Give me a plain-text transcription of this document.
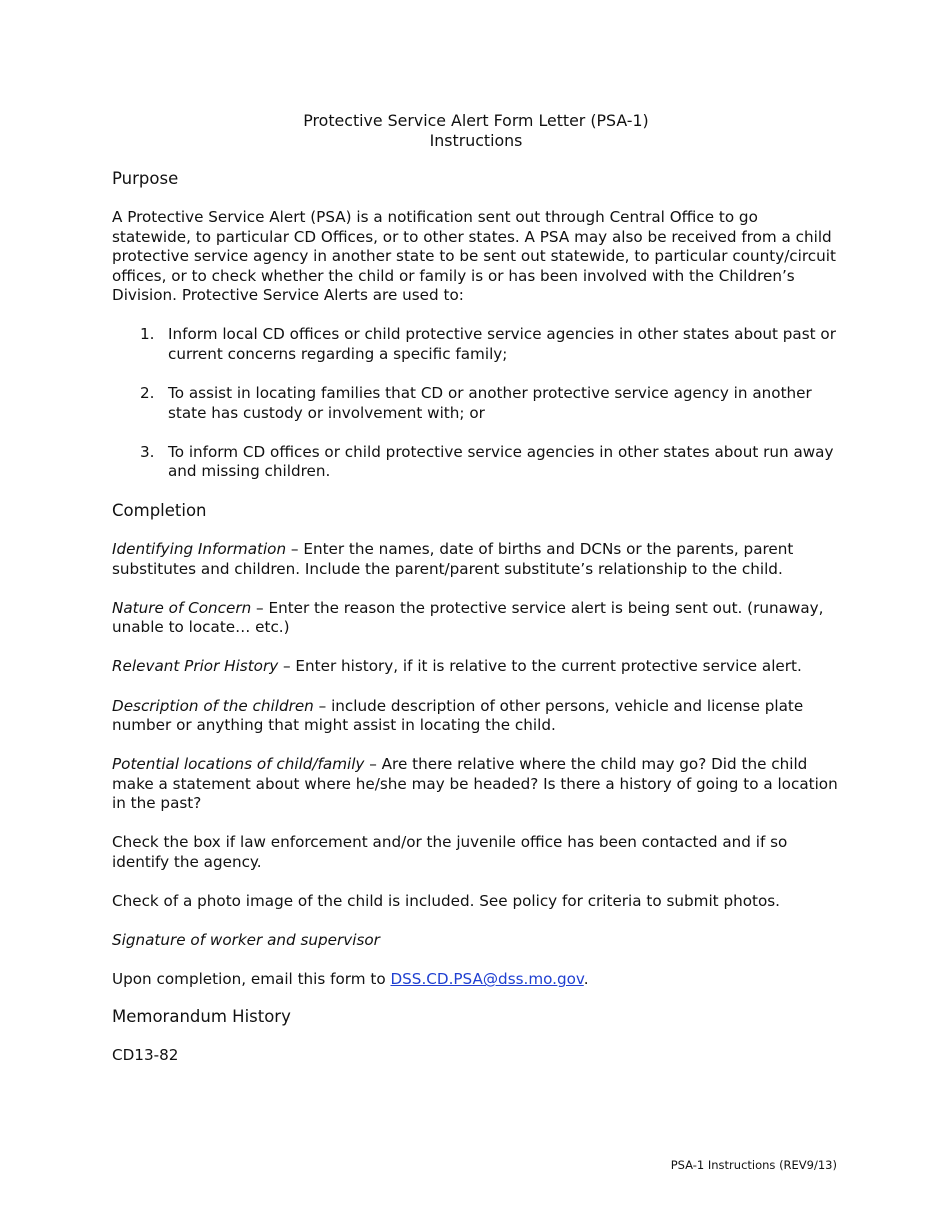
Protective Service Alert Form Letter (PSA-1)
Instructions
Purpose

A Protective Service Alert (PSA) is a notification sent out through Central Office to go statewide, to particular CD Offices, or to other states. A PSA may also be received from a child protective service agency in another state to be sent out statewide, to particular county/circuit offices, or to check whether the child or family is or has been involved with the Children’s Division. Protective Service Alerts are used to:

1. Inform local CD offices or child protective service agencies in other states about past or current concerns regarding a specific family;
2. To assist in locating families that CD or another protective service agency in another state has custody or involvement with; or
3. To inform CD offices or child protective service agencies in other states about run away and missing children.
Completion

Identifying Information – Enter the names, date of births and DCNs or the parents, parent substitutes and children. Include the parent/parent substitute’s relationship to the child.

Nature of Concern – Enter the reason the protective service alert is being sent out. (runaway, unable to locate… etc.)

Relevant Prior History – Enter history, if it is relative to the current protective service alert.

Description of the children – include description of other persons, vehicle and license plate number or anything that might assist in locating the child.

Potential locations of child/family – Are there relative where the child may go? Did the child make a statement about where he/she may be headed? Is there a history of going to a location in the past?

Check the box if law enforcement and/or the juvenile office has been contacted and if so identify the agency.

Check of a photo image of the child is included. See policy for criteria to submit photos.

Signature of worker and supervisor

Upon completion, email this form to DSS.CD.PSA@dss.mo.gov.

Memorandum History

CD13-82

PSA-1 Instructions (REV9/13)
